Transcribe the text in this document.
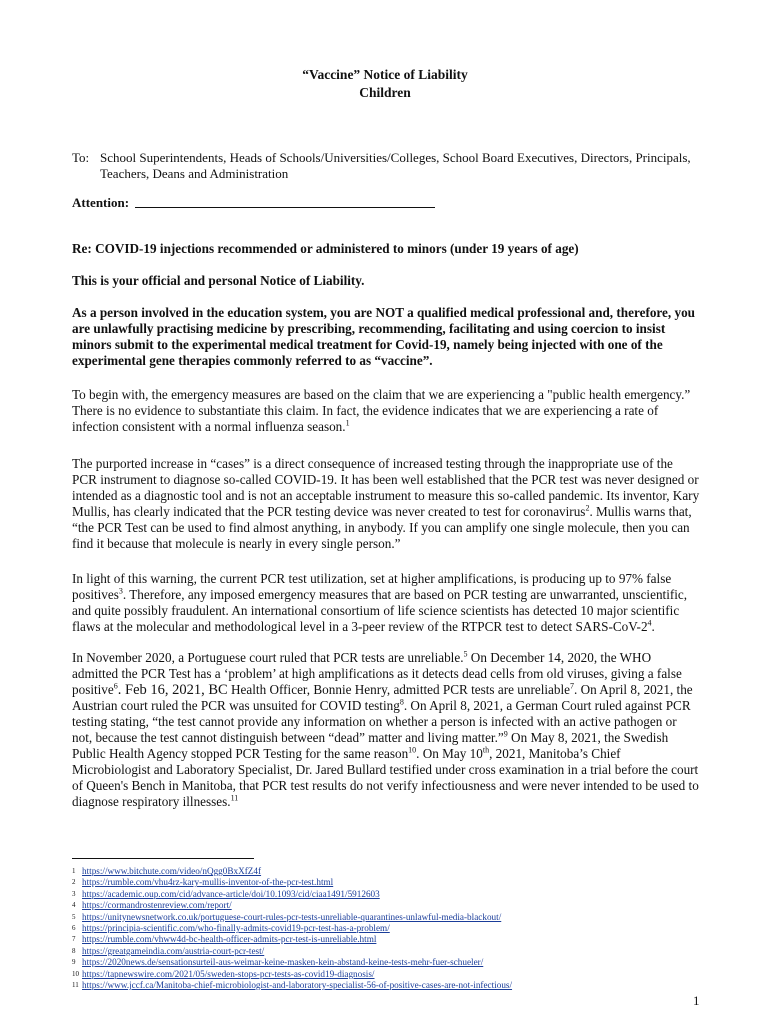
“Vaccine” Notice of Liability
Children
To: School Superintendents, Heads of Schools/Universities/Colleges, School Board Executives, Directors, Principals, Teachers, Deans and Administration
Attention:
Re: COVID-19 injections recommended or administered to minors (under 19 years of age)
This is your official and personal Notice of Liability.
As a person involved in the education system, you are NOT a qualified medical professional and, therefore, you are unlawfully practising medicine by prescribing, recommending, facilitating and using coercion to insist minors submit to the experimental medical treatment for Covid-19, namely being injected with one of the experimental gene therapies commonly referred to as “vaccine”.
To begin with, the emergency measures are based on the claim that we are experiencing a "public health emergency.” There is no evidence to substantiate this claim. In fact, the evidence indicates that we are experiencing a rate of infection consistent with a normal influenza season.$^1$
The purported increase in “cases” is a direct consequence of increased testing through the inappropriate use of the PCR instrument to diagnose so-called COVID-19. It has been well established that the PCR test was never designed or intended as a diagnostic tool and is not an acceptable instrument to measure this so-called pandemic. Its inventor, Kary Mullis, has clearly indicated that the PCR testing device was never created to test for coronavirus$^2$. Mullis warns that, “the PCR Test can be used to find almost anything, in anybody. If you can amplify one single molecule, then you can find it because that molecule is nearly in every single person.”
In light of this warning, the current PCR test utilization, set at higher amplifications, is producing up to 97% false positives$^3$. Therefore, any imposed emergency measures that are based on PCR testing are unwarranted, unscientific, and quite possibly fraudulent. An international consortium of life science scientists has detected 10 major scientific flaws at the molecular and methodological level in a 3-peer review of the RTPCR test to detect SARS-$CoV-2^4$.
In November 2020, a Portuguese court ruled that PCR tests are unreliable.$^5$ On December 14, 2020, the WHO admitted the PCR Test has a ‘problem’ at high amplifications as it detects dead cells from old viruses, giving a false positive$^6$. Feb 16, 2021, BC Health Officer, Bonnie Henry, admitted PCR tests are unreliable$^7$. On April 8, 2021, the Austrian court ruled the PCR was unsuited for COVID testing$^8$. On April 8, 2021, a German Court ruled against PCR testing stating, “the test cannot provide any information on whether a person is infected with an active pathogen or not, because the test cannot distinguish between “dead” matter and living matter.”$^9$ On May 8, 2021, the Swedish Public Health Agency stopped PCR Testing for the same reason$^{10}$. On May 10th, 2021, Manitoba’s Chief Microbiologist and Laboratory Specialist, Dr. Jared Bullard testified under cross examination in a trial before the court of Queen's Bench in Manitoba, that PCR test results do not verify infectiousness and were never intended to be used to diagnose respiratory illnesses.$^{11}$
1 https://www.bitchute.com/video/nQgg0BxXfZ4f
2 https://rumble.com/vhu4rz-kary-mullis-inventor-of-the-pcr-test.html
3 https://academic.oup.com/cid/advance-article/doi/10.1093/cid/ciaa1491/5912603
4 https://cormandrostenreview.com/report/
5 https://unitynewsnetwork.co.uk/portuguese-court-rules-pcr-tests-unreliable-quarantines-unlawful-media-blackout/
6 https://principia-scientific.com/who-finally-admits-covid19-pcr-test-has-a-problem/
7 https://rumble.com/vhww4d-bc-health-officer-admits-pcr-test-is-unreliable.html
8 https://greatgameindia.com/austria-court-pcr-test/
9 https://2020news.de/sensationsurteil-aus-weimar-keine-masken-kein-abstand-keine-tests-mehr-fuer-schueler/
10 https://tapnewswire.com/2021/05/sweden-stops-pcr-tests-as-covid19-diagnosis/
11 https://www.jccf.ca/Manitoba-chief-microbiologist-and-laboratory-specialist-56-of-positive-cases-are-not-infectious/
1
